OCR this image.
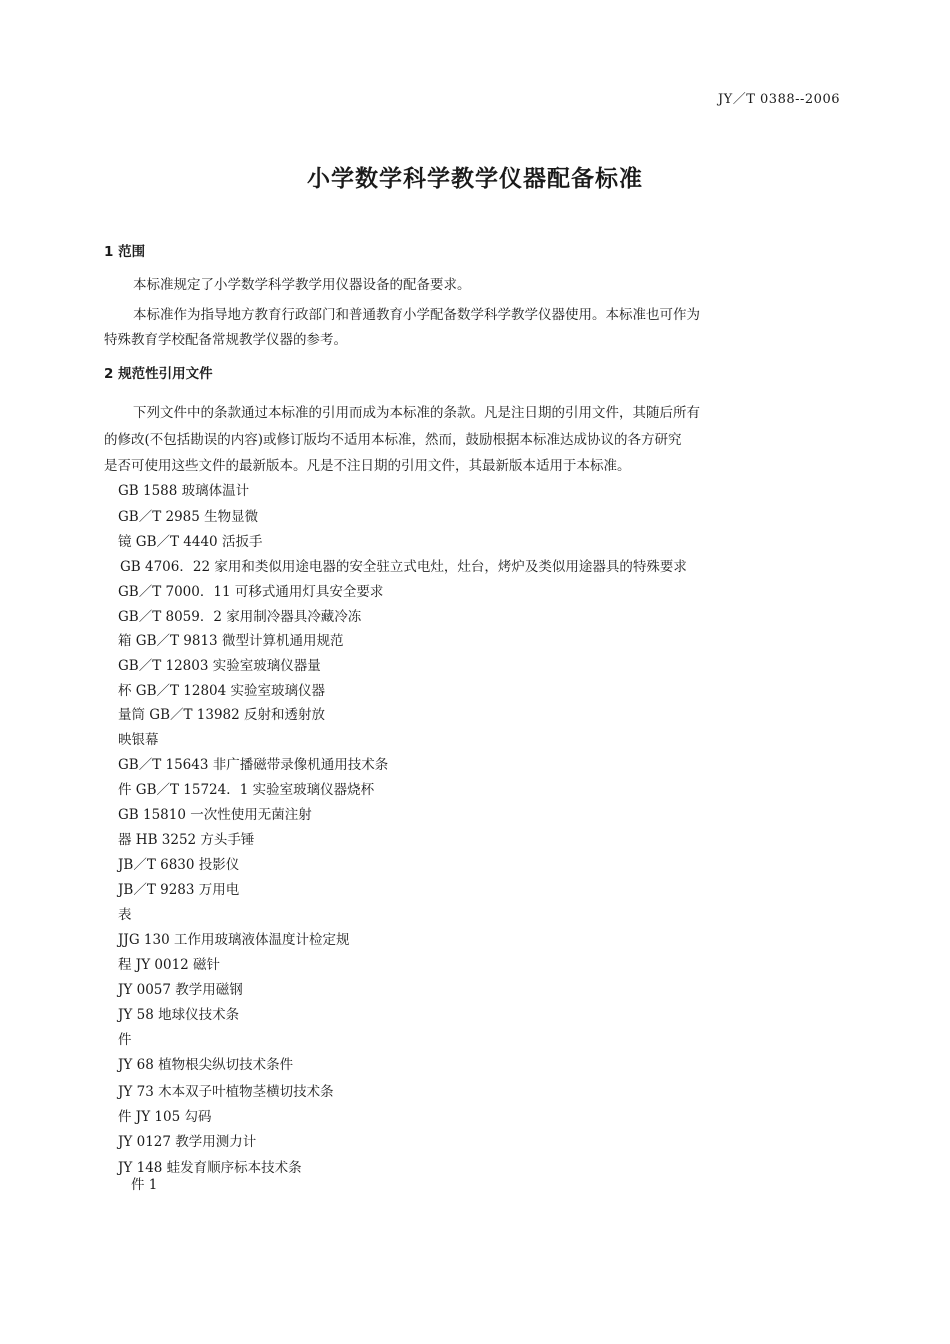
JY／T 0388--2006
小学数学科学教学仪器配备标准
1 范围
本标准规定了小学数学科学教学用仪器设备的配备要求。
本标准作为指导地方教育行政部门和普通教育小学配备数学科学教学仪器使用。本标准也可作为
特殊教育学校配备常规教学仪器的参考。
2 规范性引用文件
下列文件中的条款通过本标准的引用而成为本标准的条款。凡是注日期的引用文件，其随后所有
的修改(不包括勘误的内容)或修订版均不适用本标准，然而，鼓励根据本标准达成协议的各方研究
是否可使用这些文件的最新版本。凡是不注日期的引用文件，其最新版本适用于本标准。
GB 1588 玻璃体温计
GB／T 2985 生物显微
镜 GB／T 4440 活扳手
GB 4706．22 家用和类似用途电器的安全驻立式电灶，灶台，烤炉及类似用途器具的特殊要求
GB／T 7000．11 可移式通用灯具安全要求
GB／T 8059．2 家用制冷器具冷藏冷冻
箱 GB／T 9813 微型计算机通用规范
GB／T 12803 实验室玻璃仪器量
杯 GB／T 12804 实验室玻璃仪器
量筒 GB／T 13982 反射和透射放
映银幕
GB／T 15643 非广播磁带录像机通用技术条
件 GB／T 15724．1 实验室玻璃仪器烧杯
GB 15810 一次性使用无菌注射
器 HB 3252 方头手锤
JB／T 6830 投影仪
JB／T 9283 万用电
表
JJG 130 工作用玻璃液体温度计检定规
程 JY 0012 磁针
JY 0057 教学用磁钢
JY 58 地球仪技术条
件
JY 68 植物根尖纵切技术条件
JY 73 木本双子叶植物茎横切技术条
件 JY 105 勾码
JY 0127 教学用测力计
JY 148 蛙发育顺序标本技术条
件 1
